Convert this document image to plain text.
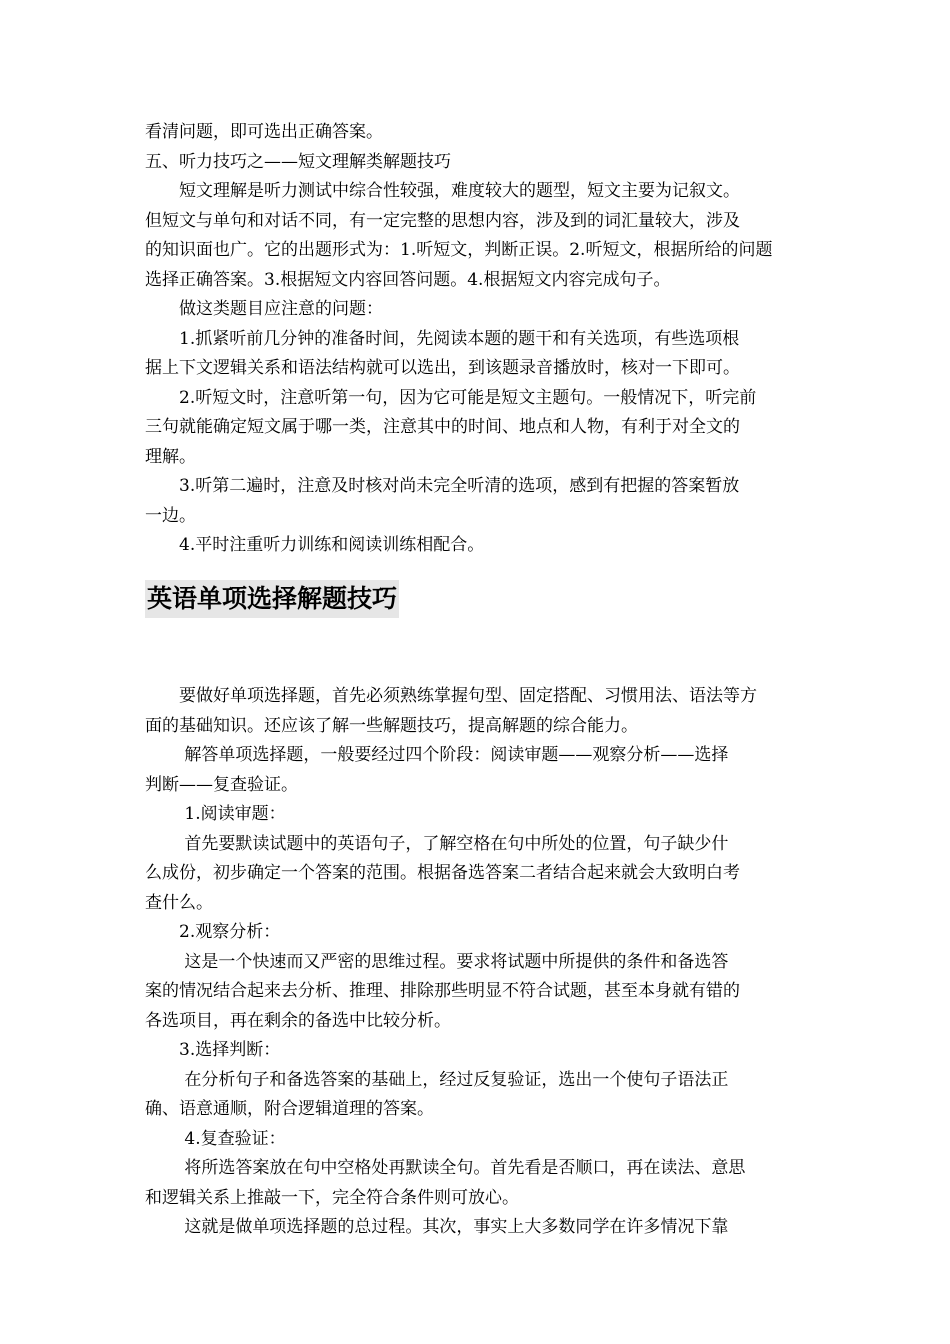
看清问题，即可选出正确答案。
五、听力技巧之——短文理解类解题技巧
　　短文理解是听力测试中综合性较强，难度较大的题型，短文主要为记叙文。
但短文与单句和对话不同，有一定完整的思想内容，涉及到的词汇量较大，涉及
的知识面也广。它的出题形式为：1.听短文，判断正误。2.听短文，根据所给的问题
选择正确答案。3.根据短文内容回答问题。4.根据短文内容完成句子。
　　做这类题目应注意的问题：
　　1.抓紧听前几分钟的准备时间，先阅读本题的题干和有关选项，有些选项根
据上下文逻辑关系和语法结构就可以选出，到该题录音播放时，核对一下即可。
　　2.听短文时，注意听第一句，因为它可能是短文主题句。一般情况下，听完前
三句就能确定短文属于哪一类，注意其中的时间、地点和人物，有利于对全文的
理解。
　　3.听第二遍时，注意及时核对尚未完全听清的选项，感到有把握的答案暂放
一边。
　　4.平时注重听力训练和阅读训练相配合。
英语单项选择解题技巧
　　要做好单项选择题，首先必须熟练掌握句型、固定搭配、习惯用法、语法等方
面的基础知识。还应该了解一些解题技巧，提高解题的综合能力。
　　 解答单项选择题，一般要经过四个阶段：阅读审题——观察分析——选择
判断——复查验证。
　　 1.阅读审题：
　　 首先要默读试题中的英语句子，了解空格在句中所处的位置，句子缺少什
么成份，初步确定一个答案的范围。根据备选答案二者结合起来就会大致明白考
查什么。
　　2.观察分析：
　　 这是一个快速而又严密的思维过程。要求将试题中所提供的条件和备选答
案的情况结合起来去分析、推理、排除那些明显不符合试题，甚至本身就有错的
各选项目，再在剩余的备选中比较分析。
　　3.选择判断：
　　 在分析句子和备选答案的基础上，经过反复验证，选出一个使句子语法正
确、语意通顺，附合逻辑道理的答案。
　　 4.复查验证：
　　 将所选答案放在句中空格处再默读全句。首先看是否顺口，再在读法、意思
和逻辑关系上推敲一下，完全符合条件则可放心。
　　 这就是做单项选择题的总过程。其次，事实上大多数同学在许多情况下靠
